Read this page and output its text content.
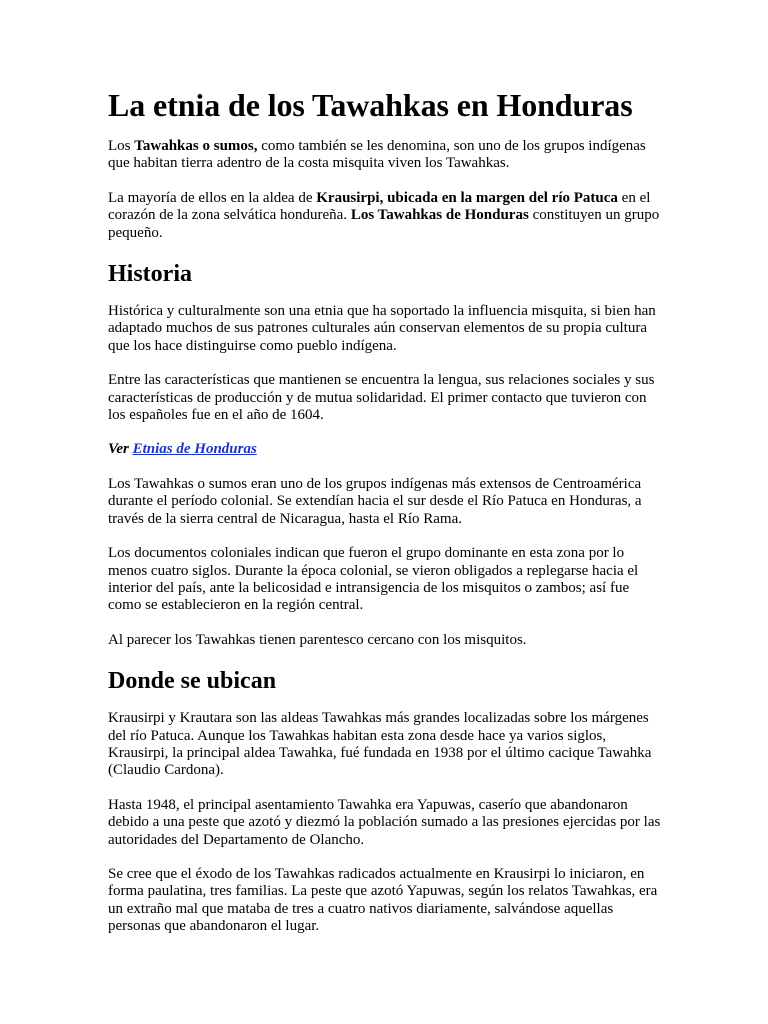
La etnia de los Tawahkas en Honduras

Los Tawahkas o sumos, como también se les denomina, son uno de los grupos indígenas que habitan tierra adentro de la costa misquita viven los Tawahkas.

La mayoría de ellos en la aldea de Krausirpi, ubicada en la margen del río Patuca en el corazón de la zona selvática hondureña. Los Tawahkas de Honduras constituyen un grupo pequeño.

Historia

Histórica y culturalmente son una etnia que ha soportado la influencia misquita, si bien han adaptado muchos de sus patrones culturales aún conservan elementos de su propia cultura que los hace distinguirse como pueblo indígena.

Entre las características que mantienen se encuentra la lengua, sus relaciones sociales y sus características de producción y de mutua solidaridad. El primer contacto que tuvieron con los españoles fue en el año de 1604.

Ver Etnias de Honduras

Los Tawahkas o sumos eran uno de los grupos indígenas más extensos de Centroamérica durante el período colonial. Se extendían hacia el sur desde el Río Patuca en Honduras, a través de la sierra central de Nicaragua, hasta el Río Rama.

Los documentos coloniales indican que fueron el grupo dominante en esta zona por lo menos cuatro siglos. Durante la época colonial, se vieron obligados a replegarse hacia el interior del país, ante la belicosidad e intransigencia de los misquitos o zambos; así fue como se establecieron en la región central.

Al parecer los Tawahkas tienen parentesco cercano con los misquitos.

Donde se ubican

Krausirpi y Krautara son las aldeas Tawahkas más grandes localizadas sobre los márgenes del río Patuca. Aunque los Tawahkas habitan esta zona desde hace ya varios siglos, Krausirpi, la principal aldea Tawahka, fué fundada en 1938 por el último cacique Tawahka (Claudio Cardona).

Hasta 1948, el principal asentamiento Tawahka era Yapuwas, caserío que abandonaron debido a una peste que azotó y diezmó la población sumado a las presiones ejercidas por las autoridades del Departamento de Olancho.

Se cree que el éxodo de los Tawahkas radicados actualmente en Krausirpi lo iniciaron, en forma paulatina, tres familias. La peste que azotó Yapuwas, según los relatos Tawahkas, era un extraño mal que mataba de tres a cuatro nativos diariamente, salvándose aquellas personas que abandonaron el lugar.
